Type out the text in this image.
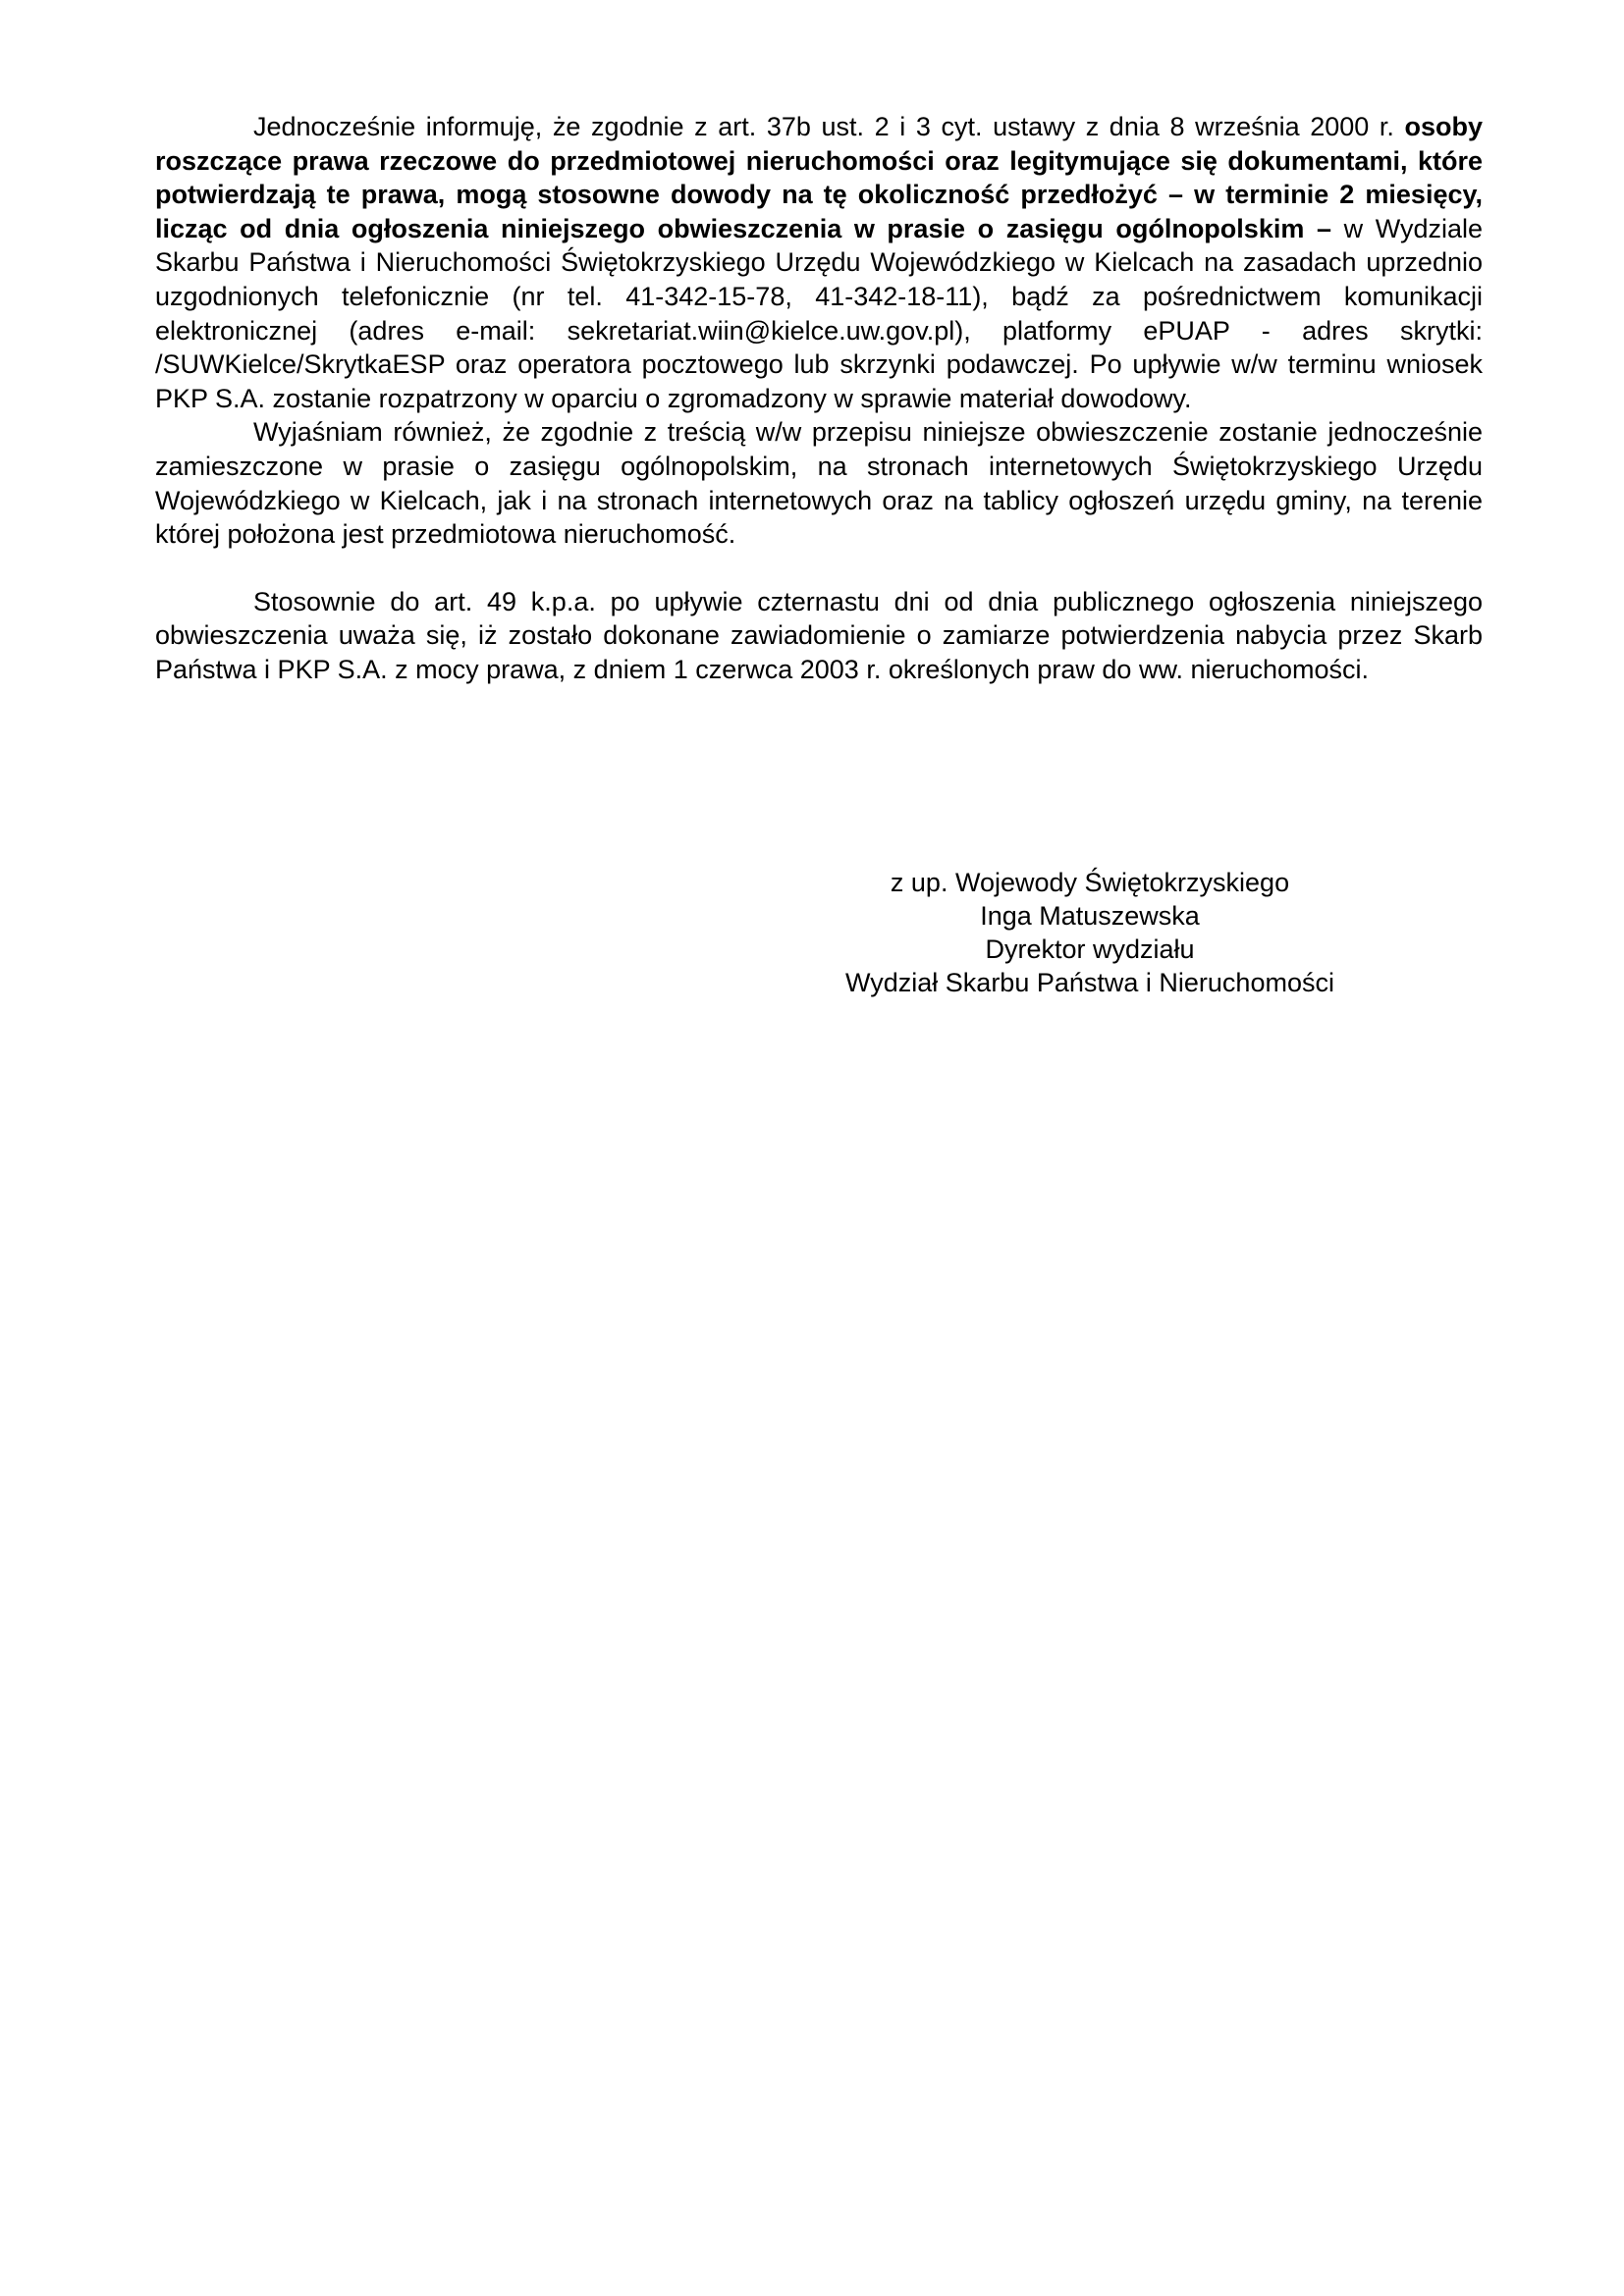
Jednocześnie informuję, że zgodnie z art. 37b ust. 2 i 3 cyt. ustawy z dnia 8 września 2000 r. osoby roszczące prawa rzeczowe do przedmiotowej nieruchomości oraz legitymujące się dokumentami, które potwierdzają te prawa, mogą stosowne dowody na tę okoliczność przedłożyć – w terminie 2 miesięcy, licząc od dnia ogłoszenia niniejszego obwieszczenia w prasie o zasięgu ogólnopolskim – w Wydziale Skarbu Państwa i Nieruchomości Świętokrzyskiego Urzędu Wojewódzkiego w Kielcach na zasadach uprzednio uzgodnionych telefonicznie (nr tel. 41-342-15-78, 41-342-18-11), bądź za pośrednictwem komunikacji elektronicznej (adres e-mail: sekretariat.wiin@kielce.uw.gov.pl), platformy ePUAP - adres skrytki: /SUWKielce/SkrytkaESP oraz operatora pocztowego lub skrzynki podawczej. Po upływie w/w terminu wniosek PKP S.A. zostanie rozpatrzony w oparciu o zgromadzony w sprawie materiał dowodowy.

Wyjaśniam również, że zgodnie z treścią w/w przepisu niniejsze obwieszczenie zostanie jednocześnie zamieszczone w prasie o zasięgu ogólnopolskim, na stronach internetowych Świętokrzyskiego Urzędu Wojewódzkiego w Kielcach, jak i na stronach internetowych oraz na tablicy ogłoszeń urzędu gminy, na terenie której położona jest przedmiotowa nieruchomość.

Stosownie do art. 49 k.p.a. po upływie czternastu dni od dnia publicznego ogłoszenia niniejszego obwieszczenia uważa się, iż zostało dokonane zawiadomienie o zamiarze potwierdzenia nabycia przez Skarb Państwa i PKP S.A. z mocy prawa, z dniem 1 czerwca 2003 r. określonych praw do ww. nieruchomości.

z up. Wojewody Świętokrzyskiego
Inga Matuszewska
Dyrektor wydziału
Wydział Skarbu Państwa i Nieruchomości
